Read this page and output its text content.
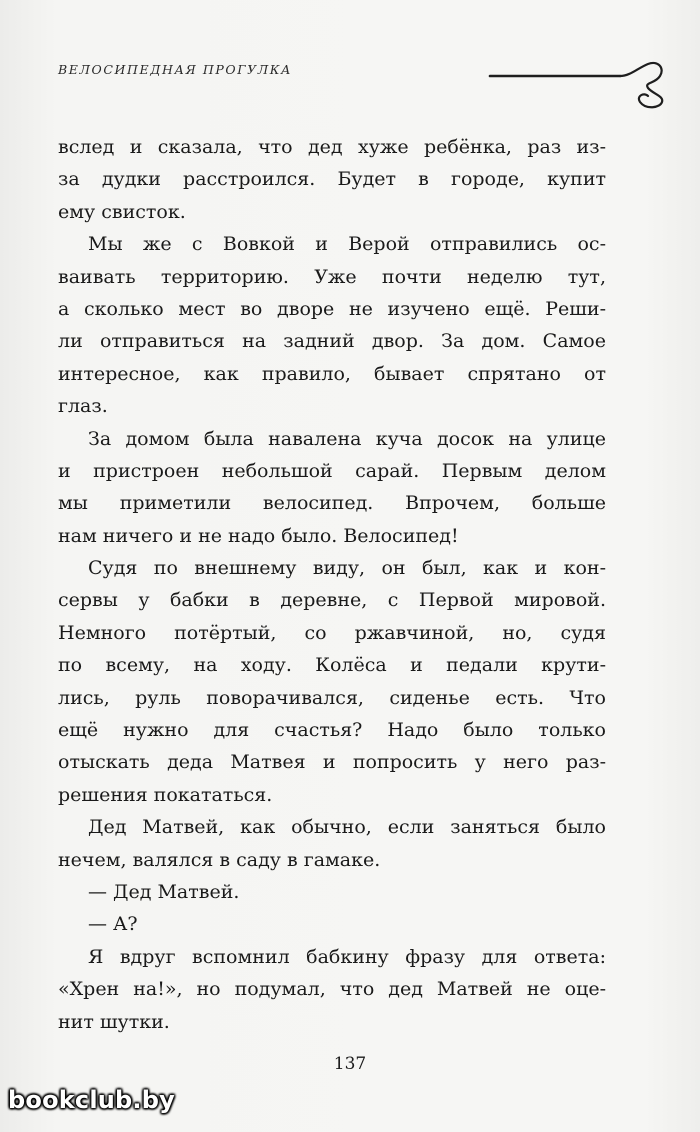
ВЕЛОСИПЕДНАЯ ПРОГУЛКА
вслед и сказала, что дед хуже ребёнка, раз из-
за дудки расстроился. Будет в городе, купит
ему свисток.
Мы же с Вовкой и Верой отправились ос-
ваивать территорию. Уже почти неделю тут,
а сколько мест во дворе не изучено ещё. Реши-
ли отправиться на задний двор. За дом. Самое
интересное, как правило, бывает спрятано от
глаз.
За домом была навалена куча досок на улице
и пристроен небольшой сарай. Первым делом
мы приметили велосипед. Впрочем, больше
нам ничего и не надо было. Велосипед!
Судя по внешнему виду, он был, как и кон-
сервы у бабки в деревне, с Первой мировой.
Немного потёртый, со ржавчиной, но, судя
по всему, на ходу. Колёса и педали крути-
лись, руль поворачивался, сиденье есть. Что
ещё нужно для счастья? Надо было только
отыскать деда Матвея и попросить у него раз-
решения покататься.
Дед Матвей, как обычно, если заняться было
нечем, валялся в саду в гамаке.
— Дед Матвей.
— А?
Я вдруг вспомнил бабкину фразу для ответа:
«Хрен на!», но подумал, что дед Матвей не оце-
нит шутки.
137
bookclub.by
